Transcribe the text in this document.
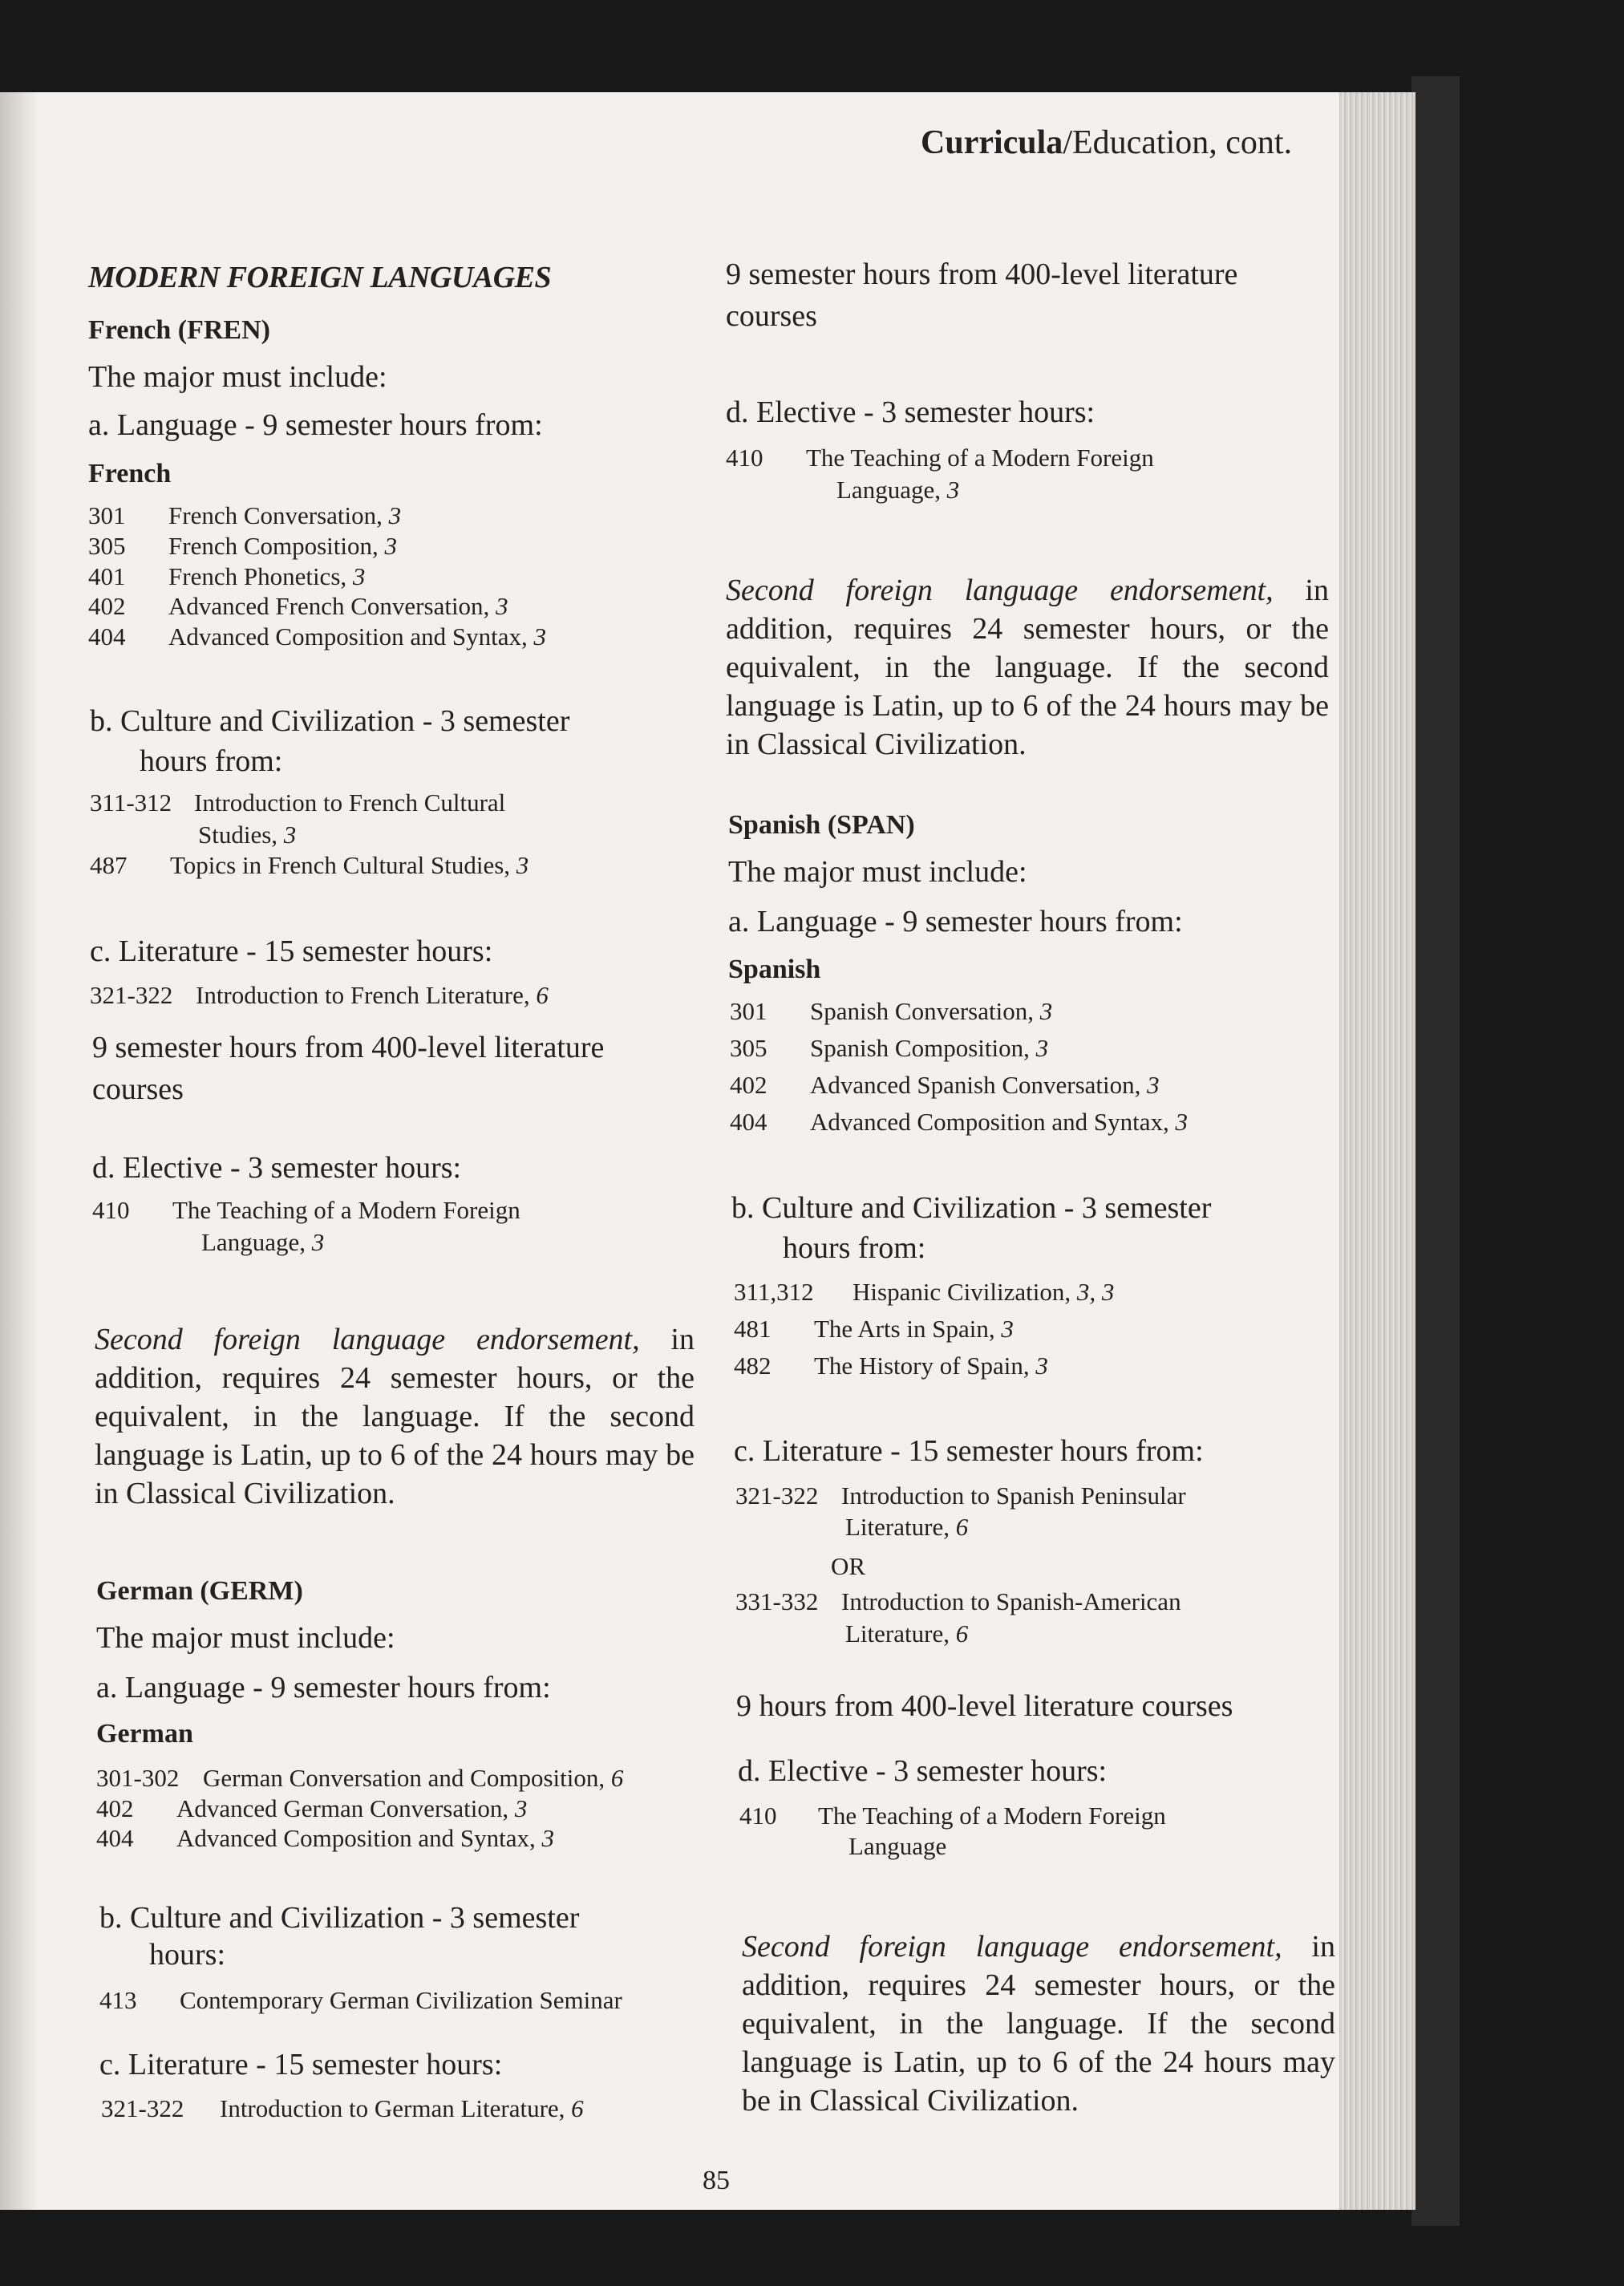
Curricula/Education, cont.
MODERN FOREIGN LANGUAGES
French (FREN)
The major must include:
a. Language - 9 semester hours from:
French
301 French Conversation, 3
305 French Composition, 3
401 French Phonetics, 3
402 Advanced French Conversation, 3
404 Advanced Composition and Syntax, 3
b. Culture and Civilization - 3 semester
hours from:
311-312 Introduction to French Cultural
Studies, 3
487 Topics in French Cultural Studies, 3
c. Literature - 15 semester hours:
321-322 Introduction to French Literature, 6
9 semester hours from 400-level literature
courses
d. Elective - 3 semester hours:
410 The Teaching of a Modern Foreign
Language, 3
Second foreign language endorsement, in addition, requires 24 semester hours, or the equivalent, in the language. If the second language is Latin, up to 6 of the 24 hours may be in Classical Civilization.
German (GERM)
The major must include:
a. Language - 9 semester hours from:
German
301-302 German Conversation and Composition, 6
402 Advanced German Conversation, 3
404 Advanced Composition and Syntax, 3
b. Culture and Civilization - 3 semester
hours:
413 Contemporary German Civilization Seminar
c. Literature - 15 semester hours:
321-322 Introduction to German Literature, 6
9 semester hours from 400-level literature
courses
d. Elective - 3 semester hours:
410 The Teaching of a Modern Foreign
Language, 3
Second foreign language endorsement, in addition, requires 24 semester hours, or the equivalent, in the language. If the second language is Latin, up to 6 of the 24 hours may be in Classical Civilization.
Spanish (SPAN)
The major must include:
a. Language - 9 semester hours from:
Spanish
301 Spanish Conversation, 3
305 Spanish Composition, 3
402 Advanced Spanish Conversation, 3
404 Advanced Composition and Syntax, 3
b. Culture and Civilization - 3 semester
hours from:
311,312 Hispanic Civilization, 3, 3
481 The Arts in Spain, 3
482 The History of Spain, 3
c. Literature - 15 semester hours from:
321-322 Introduction to Spanish Peninsular
Literature, 6
OR
331-332 Introduction to Spanish-American
Literature, 6
9 hours from 400-level literature courses
d. Elective - 3 semester hours:
410 The Teaching of a Modern Foreign
Language
Second foreign language endorsement, in addition, requires 24 semester hours, or the equivalent, in the language. If the second language is Latin, up to 6 of the 24 hours may be in Classical Civilization.
85
